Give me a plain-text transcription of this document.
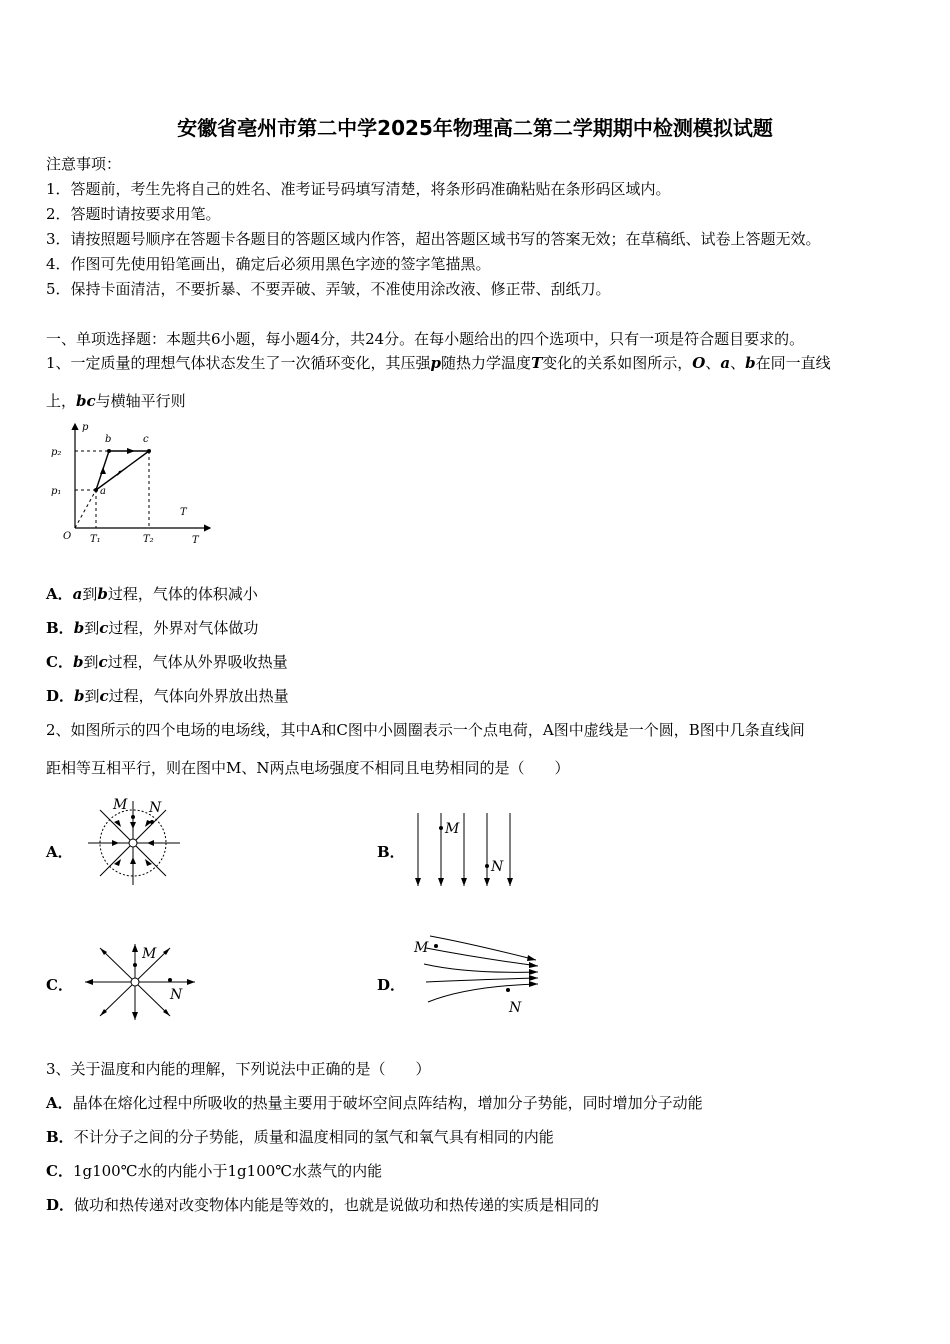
安徽省亳州市第二中学2025年物理高二第二学期期中检测模拟试题
注意事项：
1．答题前，考生先将自己的姓名、准考证号码填写清楚，将条形码准确粘贴在条形码区域内。
2．答题时请按要求用笔。
3．请按照题号顺序在答题卡各题目的答题区域内作答，超出答题区域书写的答案无效；在草稿纸、试卷上答题无效。
4．作图可先使用铅笔画出，确定后必须用黑色字迹的签字笔描黑。
5．保持卡面清洁，不要折暴、不要弄破、弄皱，不准使用涂改液、修正带、刮纸刀。
一、单项选择题：本题共6小题，每小题4分，共24分。在每小题给出的四个选项中，只有一项是符合题目要求的。
1、一定质量的理想气体状态发生了一次循环变化，其压强p随热力学温度T变化的关系如图所示，O、a、b在同一直线
上，bc与横轴平行则
p
T
T
O
p₂
p₁
T₁	T₂
a
b	c
A．a到b过程，气体的体积减小
B．b到c过程，外界对气体做功
C．b到c过程，气体从外界吸收热量
D．b到c过程，气体向外界放出热量
2、如图所示的四个电场的电场线，其中A和C图中小圆圈表示一个点电荷，A图中虚线是一个圆，B图中几条直线间
距相等互相平行，则在图中M、N两点电场强度不相同且电势相同的是（　　）
A．	B．
C．	D．
M N
M
N
M
N
M
N
3、关于温度和内能的理解，下列说法中正确的是（　　）
A．晶体在熔化过程中所吸收的热量主要用于破坏空间点阵结构，增加分子势能，同时增加分子动能
B．不计分子之间的分子势能，质量和温度相同的氢气和氧气具有相同的内能
C．1g100℃水的内能小于1g100℃水蒸气的内能
D．做功和热传递对改变物体内能是等效的，也就是说做功和热传递的实质是相同的
